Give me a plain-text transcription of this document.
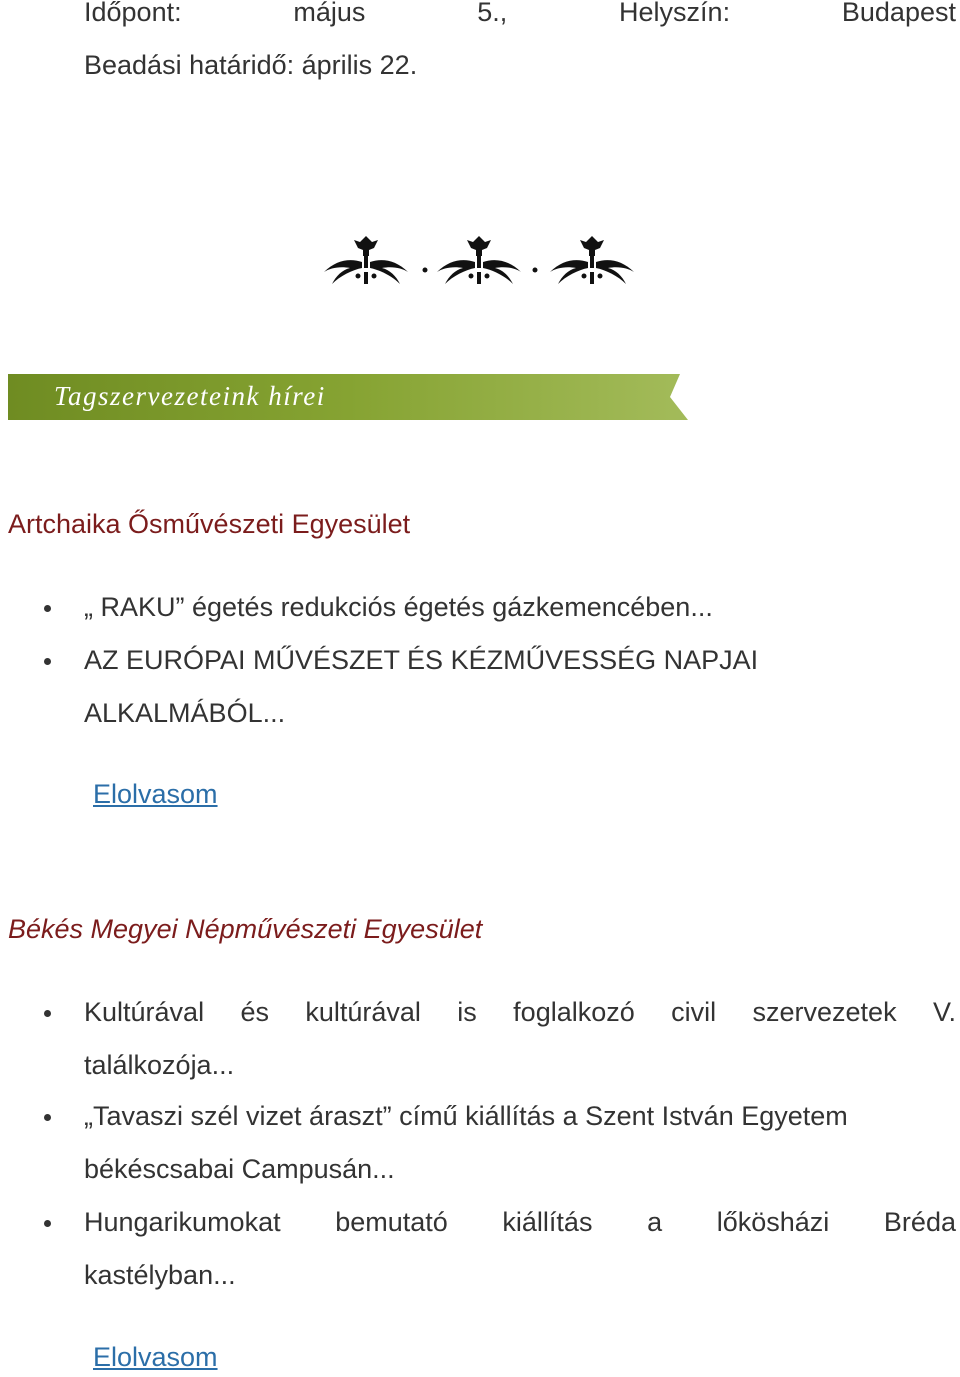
Időpont:	május	5.,	Helyszín:	Budapest
Beadási határidő: április 22.
Tagszervezeteink hírei
Artchaika Ősművészeti Egyesület
„ RAKU” égetés redukciós égetés gázkemencében...
AZ EURÓPAI MŰVÉSZET ÉS KÉZMŰVESSÉG NAPJAI
ALKALMÁBÓL...
Elolvasom
Békés Megyei Népművészeti Egyesület
Kultúrával és kultúrával is foglalkozó civil szervezetek V.
találkozója...
„Tavaszi szél vizet áraszt” című kiállítás a Szent István Egyetem
békéscsabai Campusán...
Hungarikumokat bemutató kiállítás a lőkösházi Bréda
kastélyban...
Elolvasom
